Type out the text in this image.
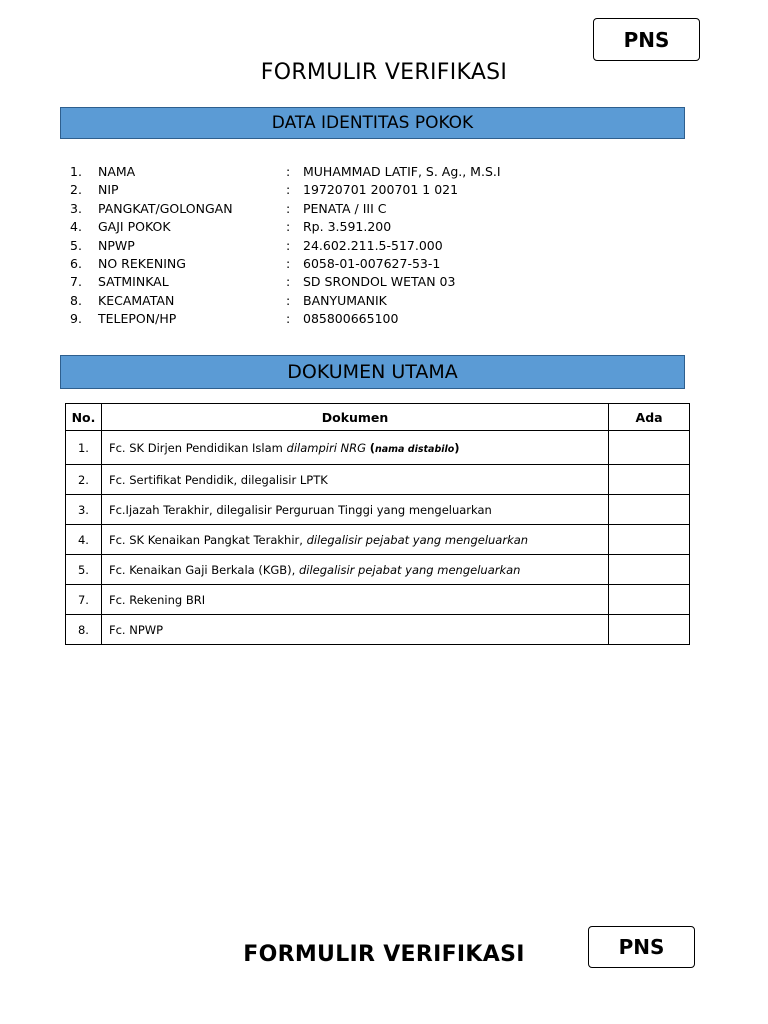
PNS
FORMULIR VERIFIKASI
DATA IDENTITAS POKOK
1. NAMA	: MUHAMMAD LATIF, S. Ag., M.S.I
2. NIP	: 19720701 200701 1 021
3. PANGKAT/GOLONGAN	: PENATA / III C
4. GAJI POKOK	: Rp. 3.591.200
5. NPWP	: 24.602.211.5-517.000
6. NO REKENING	: 6058-01-007627-53-1
7. SATMINKAL	: SD SRONDOL WETAN 03
8. KECAMATAN	: BANYUMANIK
9. TELEPON/HP	: 085800665100
DOKUMEN UTAMA
No.	Dokumen	Ada
1.	Fc. SK Dirjen Pendidikan Islam dilampiri NRG (nama distabilo)	
2.	Fc. Sertifikat Pendidik, dilegalisir LPTK	
3.	Fc.Ijazah Terakhir, dilegalisir Perguruan Tinggi yang mengeluarkan	
4.	Fc. SK Kenaikan Pangkat Terakhir, dilegalisir pejabat yang mengeluarkan	
5.	Fc. Kenaikan Gaji Berkala (KGB), dilegalisir pejabat yang mengeluarkan	
7.	Fc. Rekening BRI	
8.	Fc. NPWP	
FORMULIR VERIFIKASI	PNS
